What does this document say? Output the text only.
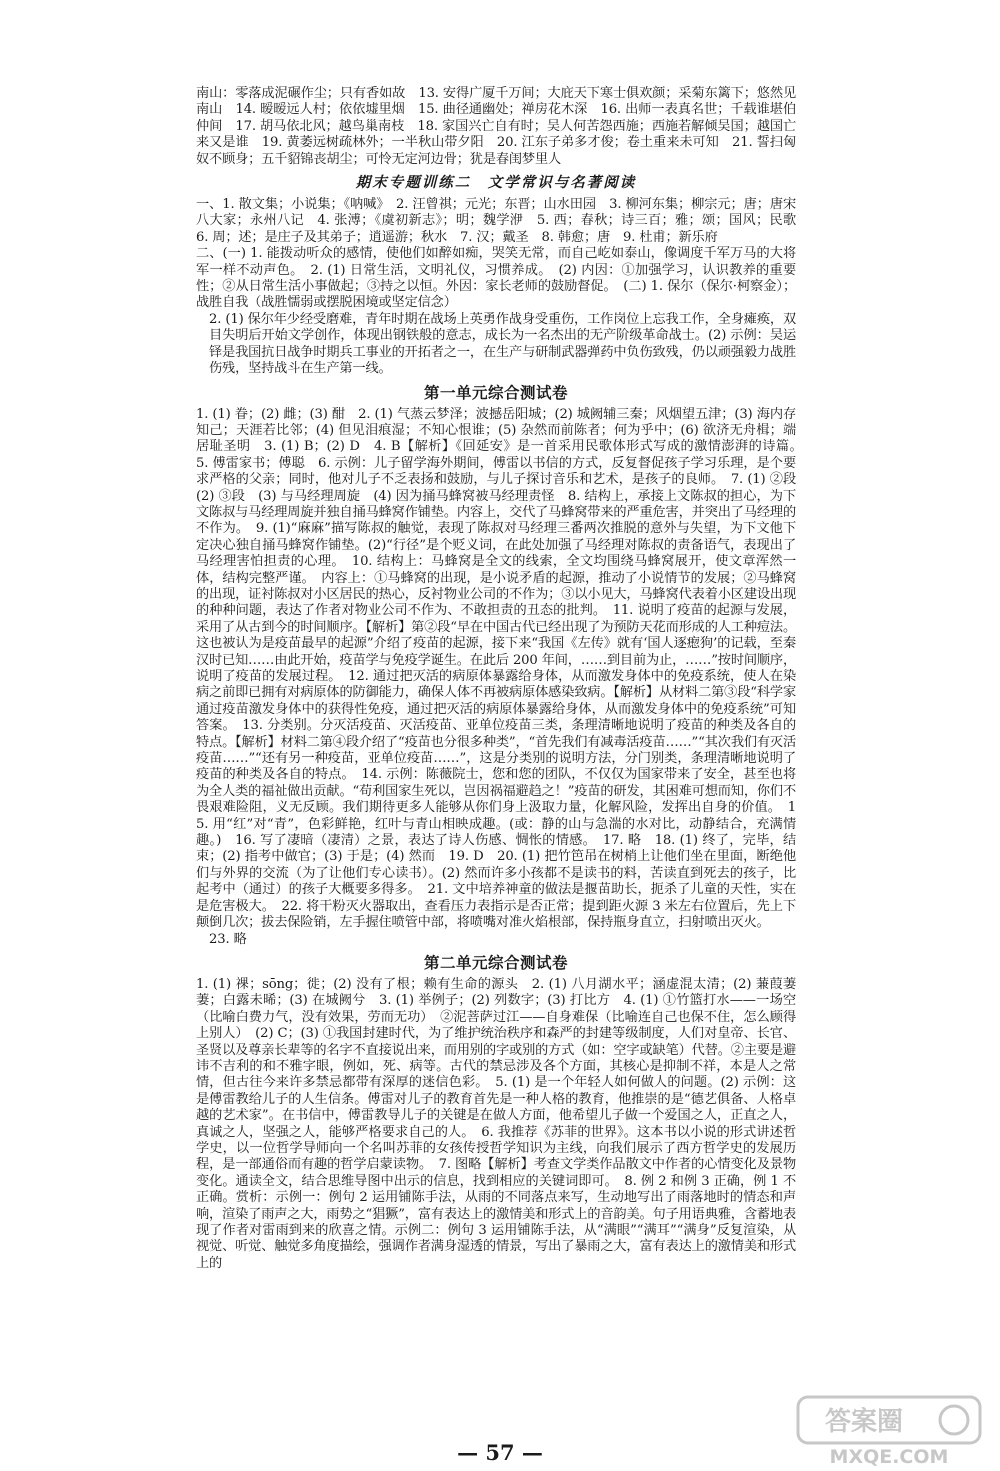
南山：零落成泥碾作尘；只有香如故　13. 安得广厦千万间；大庇天下寒士俱欢颜；采菊东篱下；悠然见南山　14. 暧暧远人村；依依墟里烟　15. 曲径通幽处；禅房花木深　16. 出师一表真名世；千载谁堪伯仲间　17. 胡马依北风；越鸟巢南枝　18. 家国兴亡自有时；吴人何苦怨西施；西施若解倾吴国；越国亡来又是谁　19. 黄萎远树疏林外；一半秋山带夕阳　20. 江东子弟多才俊；卷土重来未可知　21. 誓扫匈奴不顾身；五千貂锦丧胡尘；可怜无定河边骨；犹是春闺梦里人

期末专题训练二　文学常识与名著阅读

一、1. 散文集；小说集；《呐喊》　2. 汪曾祺；元光；东晋；山水田园　3. 柳河东集；柳宗元；唐；唐宋八大家；永州八记　4. 张溥；《虞初新志》；明；魏学洢　5. 西；春秋；诗三百；雅；颂；国风；民歌　6. 周；述；是庄子及其弟子；逍遥游；秋水　7. 汉；戴圣　8. 韩愈；唐　9. 杜甫；新乐府

二、(一) 1. 能拨动听众的感情，使他们如醉如痴，哭笑无常，而自己屹如泰山，像调度千军万马的大将军一样不动声色。　2. (1) 日常生活，文明礼仪，习惯养成。　(2) 内因：①加强学习，认识教养的重要性；②从日常生活小事做起；③持之以恒。外因：家长老师的鼓励督促。　(二) 1. 保尔（保尔·柯察金）；战胜自我（战胜懦弱或摆脱困境或坚定信念）

2. (1) 保尔年少经受磨难，青年时期在战场上英勇作战身受重伤，工作岗位上忘我工作，全身瘫痪，双目失明后开始文学创作，体现出钢铁般的意志，成长为一名杰出的无产阶级革命战士。(2) 示例：吴运铎是我国抗日战争时期兵工事业的开拓者之一，在生产与研制武器弹药中负伤致残，仍以顽强毅力战胜伤残，坚持战斗在生产第一线。

第一单元综合测试卷

1. (1) 眷；(2) 雌；(3) 酣　2. (1) 气蒸云梦泽；波撼岳阳城；(2) 城阙辅三秦；风烟望五津；(3) 海内存知己；天涯若比邻；(4) 但见泪痕湿；不知心恨谁；(5) 杂然而前陈者；何为乎中；(6) 欲济无舟楫；端居耻圣明　3. (1) B；(2) D　4. B【解析】《回延安》是一首采用民歌体形式写成的激情澎湃的诗篇。　5. 傅雷家书；傅聪　6. 示例：儿子留学海外期间，傅雷以书信的方式，反复督促孩子学习乐理，是个要求严格的父亲；同时，他对儿子不乏表扬和鼓励，与儿子探讨音乐和艺术，是孩子的良师。　7. (1) ②段　(2) ③段　(3) 与马经理周旋　(4) 因为捅马蜂窝被马经理责怪　8. 结构上，承接上文陈叔的担心，为下文陈叔与马经理周旋并独自捅马蜂窝作铺垫。内容上，交代了马蜂窝带来的严重危害，并突出了马经理的不作为。　9. (1)“麻麻”描写陈叔的触觉，表现了陈叔对马经理三番两次推脱的意外与失望，为下文他下定决心独自捅马蜂窝作铺垫。(2)“行径”是个贬义词，在此处加强了马经理对陈叔的责备语气，表现出了马经理害怕担责的心理。　10. 结构上：马蜂窝是全文的线索，全文均围绕马蜂窝展开，使文章浑然一体，结构完整严谨。　内容上：①马蜂窝的出现，是小说矛盾的起源，推动了小说情节的发展；②马蜂窝的出现，证衬陈叔对小区居民的热心，反衬物业公司的不作为；③以小见大，马蜂窝代表着小区建设出现的种种问题，表达了作者对物业公司不作为、不敢担责的丑态的批判。　11. 说明了疫苗的起源与发展，采用了从古到今的时间顺序。【解析】第②段“早在中国古代已经出现了为预防天花而形成的人工种痘法。这也被认为是疫苗最早的起源”介绍了疫苗的起源，接下来“我国《左传》就有‘国人逐瘛狗’的记载，至秦汉时已知……由此开始，疫苗学与免疫学诞生。在此后 200 年间，……到目前为止，……”按时间顺序，说明了疫苗的发展过程。　12. 通过把灭活的病原体暴露给身体，从而激发身体中的免疫系统，使人在染病之前即已拥有对病原体的防御能力，确保人体不再被病原体感染致病。【解析】从材料二第③段“科学家通过疫苗激发身体中的获得性免疫，通过把灭活的病原体暴露给身体，从而激发身体中的免疫系统”可知答案。　13. 分类别。分灭活疫苗、灭活疫苗、亚单位疫苗三类，条理清晰地说明了疫苗的种类及各自的特点。【解析】材料二第④段介绍了“疫苗也分很多种类”，“首先我们有减毒活疫苗……”“其次我们有灭活疫苗……”“还有另一种疫苗，亚单位疫苗……”，这是分类别的说明方法，分门别类，条理清晰地说明了疫苗的种类及各自的特点。　14. 示例：陈薇院士，您和您的团队，不仅仅为国家带来了安全，甚至也将为全人类的福祉做出贡献。“苟利国家生死以，岂因祸福避趋之！”疫苗的研发，其困难可想而知，你们不畏艰难险阻，义无反顾。我们期待更多人能够从你们身上汲取力量，化解风险，发挥出自身的价值。　15. 用“红”对“青”，色彩鲜艳，红叶与青山相映成趣。(或：静的山与急湍的水对比，动静结合，充满情趣。)　16. 写了凄暗（凄清）之景，表达了诗人伤感、惆怅的情感。　17. 略　18. (1) 终了，完毕，结束；(2) 指考中做官；(3) 于是；(4) 然而　19. D　20. (1) 把竹笆吊在树梢上让他们坐在里面，断绝他们与外界的交流（为了让他们专心读书）。(2) 然而许多小孩都不是读书的料，苦读直到死去的孩子，比起考中（通过）的孩子大概要多得多。　21. 文中培养神童的做法是揠苗助长，扼杀了儿童的天性，实在是危害极大。　22. 将干粉灭火器取出，查看压力表指示是否正常；提到距火源 3 米左右位置后，先上下颠倒几次；拔去保险销，左手握住喷管中部，将喷嘴对准火焰根部，保持瓶身直立，扫射喷出灭火。

23. 略

第二单元综合测试卷

1. (1) 祼；sōng；徙；(2) 没有了根；赖有生命的源头　2. (1) 八月湖水平；涵虚混太清；(2) 蒹葭萋萋；白露未晞；(3) 在城阙兮　3. (1) 举例子；(2) 列数字；(3) 打比方　4. (1) ①竹篮打水——一场空（比喻白费力气，没有效果，劳而无功）　②泥菩萨过江——自身难保（比喻连自己也保不住，怎么顾得上别人）　(2) C；(3) ①我国封建时代，为了维护统治秩序和森严的封建等级制度，人们对皇帝、长官、圣贤以及尊亲长辈等的名字不直接说出来，而用别的字或别的方式（如：空字或缺笔）代替。②主要是避讳不吉利的和不雅字眼，例如，死、病等。古代的禁忌涉及各个方面，其核心是抑制不祥，本是人之常情，但古往今来许多禁忌都带有深厚的迷信色彩。　5. (1) 是一个年轻人如何做人的问题。(2) 示例：这是傅雷教给儿子的人生信条。傅雷对儿子的教育首先是一种人格的教育，他推崇的是“德艺俱备、人格卓越的艺术家”。在书信中，傅雷教导儿子的关键是在做人方面，他希望儿子做一个爱国之人，正直之人，真诚之人，坚强之人，能够严格要求自己的人。　6. 我推荐《苏菲的世界》。这本书以小说的形式讲述哲学史，以一位哲学导师向一个名叫苏菲的女孩传授哲学知识为主线，向我们展示了西方哲学史的发展历程，是一部通俗而有趣的哲学启蒙读物。　7. 图略【解析】考查文学类作品散文中作者的心情变化及景物变化。通读全文，结合思维导图中出示的信息，找到相应的关键词即可。　8. 例 2 和例 3 正确，例 1 不正确。赏析：示例一：例句 2 运用铺陈手法，从雨的不同落点来写，生动地写出了雨落地时的情态和声响，渲染了雨声之大，雨势之“猖獗”，富有表达上的激情美和形式上的音韵美。句子用语典雅，含蓄地表现了作者对雷雨到来的欣喜之情。示例二：例句 3 运用铺陈手法，从“满眼”“满耳”“满身”反复渲染，从视觉、听觉、触觉多角度描绘，强调作者满身湿透的情景，写出了暴雨之大，富有表达上的激情美和形式上的

— 57 —
答案圈
MXQE.COM
